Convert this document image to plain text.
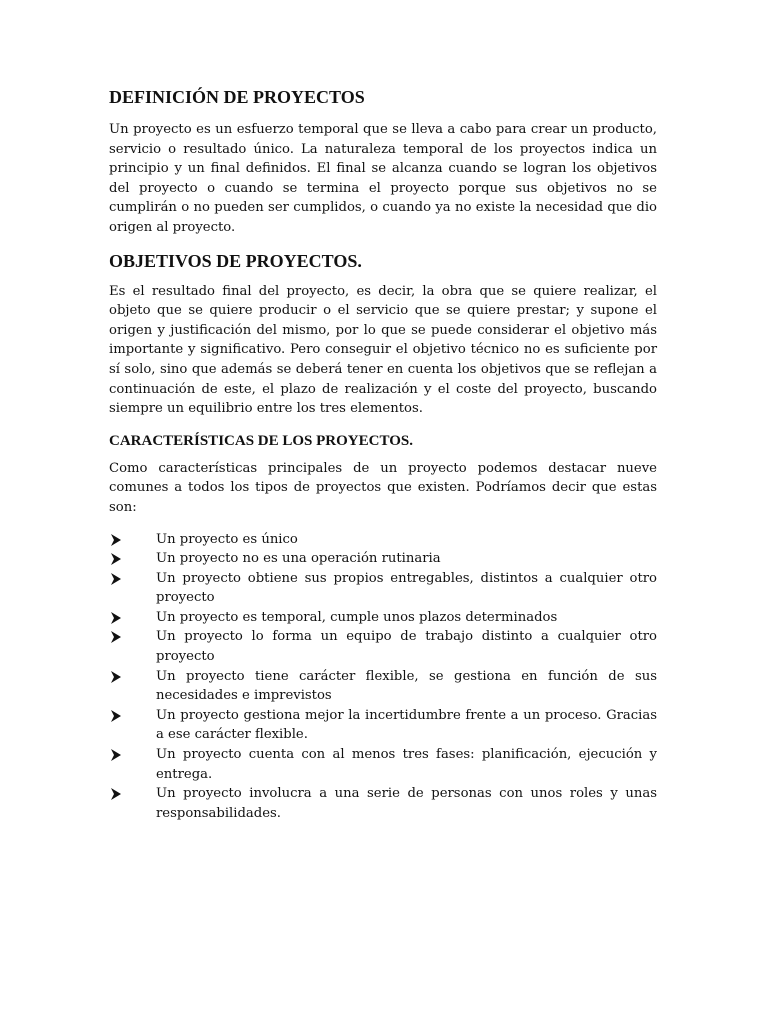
DEFINICIÓN DE PROYECTOS

Un proyecto es un esfuerzo temporal que se lleva a cabo para crear un producto, servicio o resultado único. La naturaleza temporal de los proyectos indica un principio y un final definidos. El final se alcanza cuando se logran los objetivos del proyecto o cuando se termina el proyecto porque sus objetivos no se cumplirán o no pueden ser cumplidos, o cuando ya no existe la necesidad que dio origen al proyecto.

OBJETIVOS DE PROYECTOS.

Es el resultado final del proyecto, es decir, la obra que se quiere realizar, el objeto que se quiere producir o el servicio que se quiere prestar; y supone el origen y justificación del mismo, por lo que se puede considerar el objetivo más importante y significativo. Pero conseguir el objetivo técnico no es suficiente por sí solo, sino que además se deberá tener en cuenta los objetivos que se reflejan a continuación de este, el plazo de realización y el coste del proyecto, buscando siempre un equilibrio entre los tres elementos.

CARACTERÍSTICAS DE LOS PROYECTOS.

Como características principales de un proyecto podemos destacar nueve comunes a todos los tipos de proyectos que existen. Podríamos decir que estas son:

Un proyecto es único
Un proyecto no es una operación rutinaria
Un proyecto obtiene sus propios entregables, distintos a cualquier otro proyecto
Un proyecto es temporal, cumple unos plazos determinados
Un proyecto lo forma un equipo de trabajo distinto a cualquier otro proyecto
Un proyecto tiene carácter flexible, se gestiona en función de sus necesidades e imprevistos
Un proyecto gestiona mejor la incertidumbre frente a un proceso. Gracias a ese carácter flexible.
Un proyecto cuenta con al menos tres fases: planificación, ejecución y entrega.
Un proyecto involucra a una serie de personas con unos roles y unas responsabilidades.
